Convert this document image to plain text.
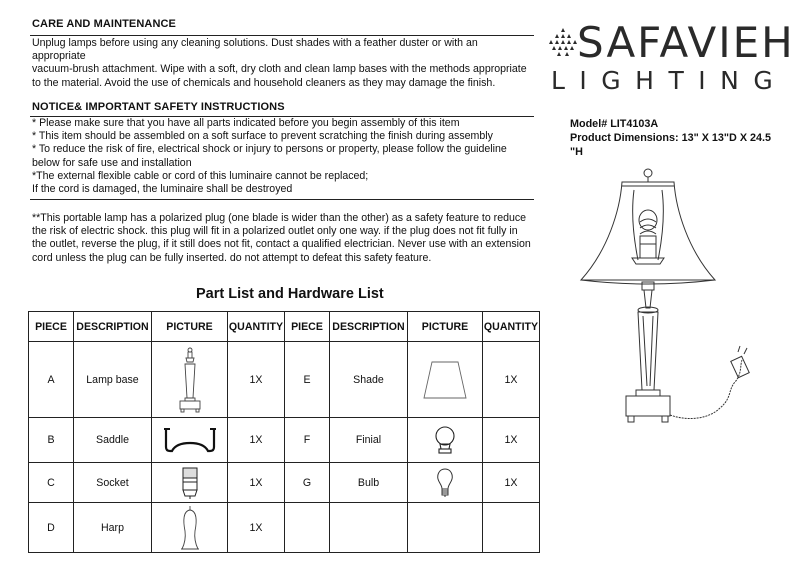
CARE AND MAINTENANCE
Unplug lamps before using any cleaning solutions. Dust shades with a feather duster or with an
appropriate
vacuum-brush attachment. Wipe with a soft, dry cloth and clean lamp bases with the methods appropriate
to the material. Avoid the use of chemicals and household cleaners as they may damage the finish.
NOTICE& IMPORTANT SAFETY INSTRUCTIONS
* Please make sure that you have all parts indicated before you begin assembly of this item
* This item should be assembled on a soft surface to prevent scratching the finish during assembly
* To reduce the risk of fire, electrical shock or injury to persons or property, please follow the guideline
below for safe use and installation
*The external flexible cable or cord of this luminaire cannot be replaced;
If the cord is damaged, the luminaire shall be destroyed
**This portable lamp has a polarized plug (one blade is wider than the other) as a safety feature to reduce
the risk of electric shock. this plug will fit in a polarized outlet only one way. if the plug does not fit fully in
the outlet, reverse the plug, if it still does not fit, contact a qualified electrician. Never use with an extension
cord unless the plug can be fully inserted. do not attempt to defeat this safety feature.
SAFAVIEH
LIGHTING
Model# LIT4103A
Product Dimensions: 13" X 13"D X 24.5
"H
Part List and Hardware List
PIECE	DESCRIPTION	PICTURE	QUANTITY	PIECE	DESCRIPTION	PICTURE	QUANTITY
A	Lamp base		1X	E	Shade		1X
B	Saddle		1X	F	Finial		1X
C	Socket		1X	G	Bulb		1X
D	Harp		1X				
